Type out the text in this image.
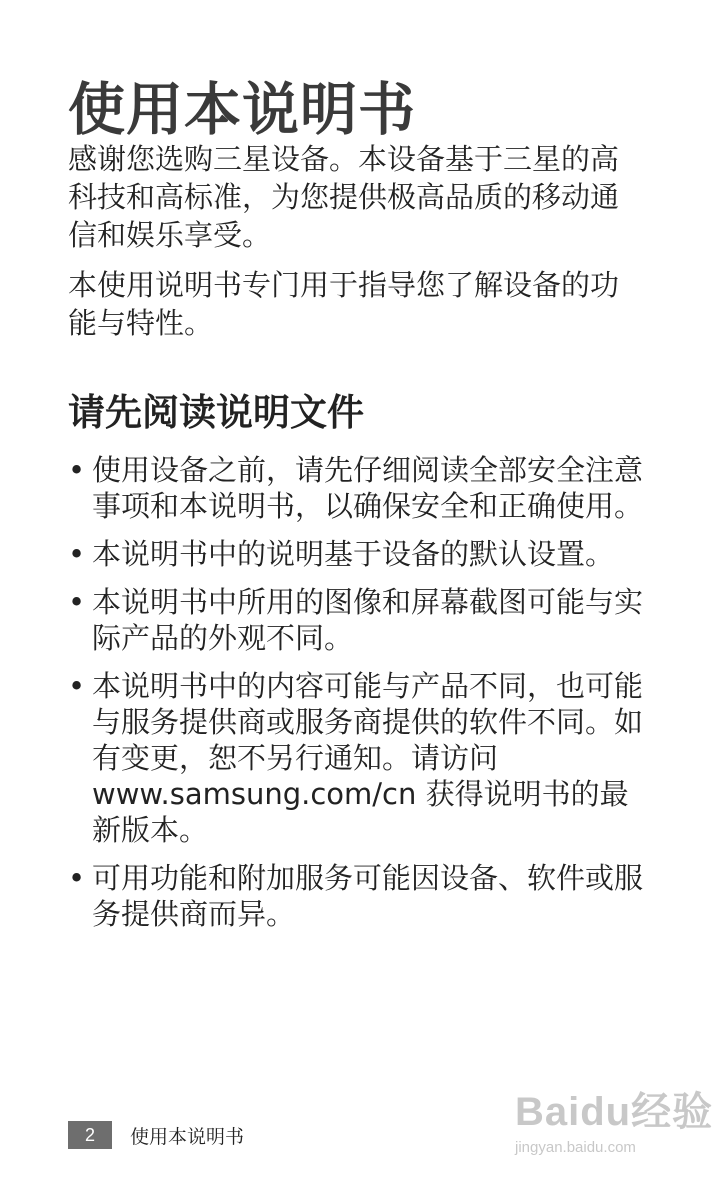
使用本说明书

感谢您选购三星设备。本设备基于三星的高科技和高标准，为您提供极高品质的移动通信和娱乐享受。

本使用说明书专门用于指导您了解设备的功能与特性。

请先阅读说明文件
• 使用设备之前，请先仔细阅读全部安全注意事项和本说明书，以确保安全和正确使用。
• 本说明书中的说明基于设备的默认设置。
• 本说明书中所用的图像和屏幕截图可能与实际产品的外观不同。
• 本说明书中的内容可能与产品不同，也可能与服务提供商或服务商提供的软件不同。如有变更，恕不另行通知。请访问www.samsung.com/cn 获得说明书的最新版本。
• 可用功能和附加服务可能因设备、软件或服务提供商而异。
2	使用本说明书
Baidu经验
jingyan.baidu.com
